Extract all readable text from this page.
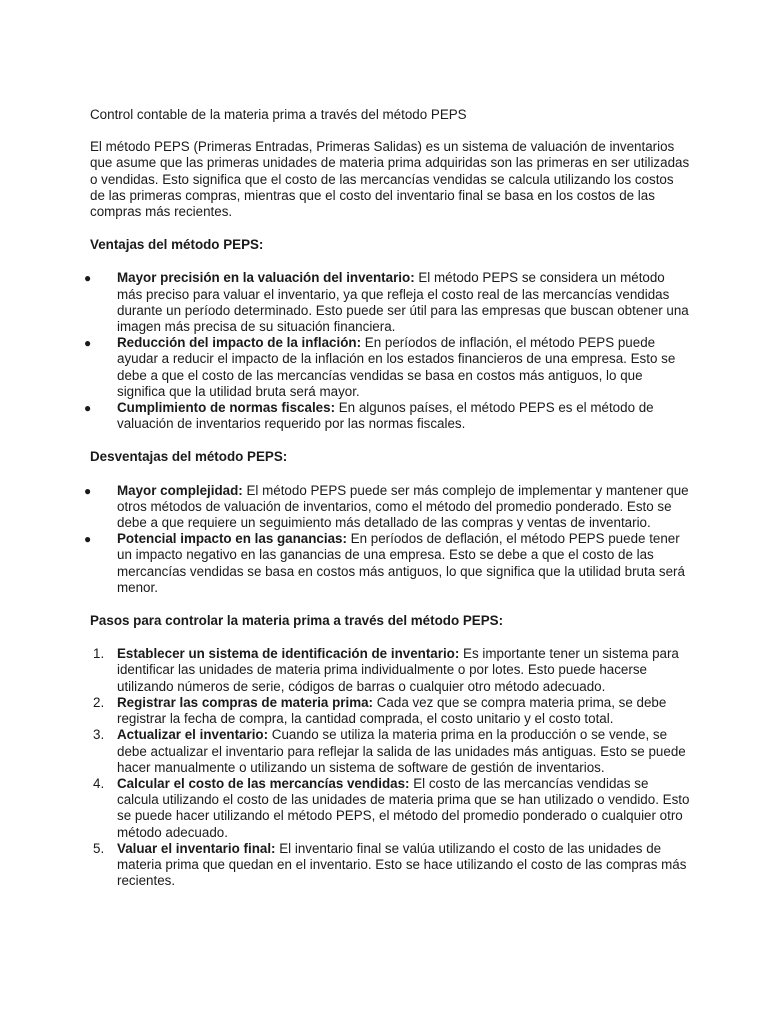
Control contable de la materia prima a través del método PEPS

El método PEPS (Primeras Entradas, Primeras Salidas) es un sistema de valuación de inventarios que asume que las primeras unidades de materia prima adquiridas son las primeras en ser utilizadas o vendidas. Esto significa que el costo de las mercancías vendidas se calcula utilizando los costos de las primeras compras, mientras que el costo del inventario final se basa en los costos de las compras más recientes.

Ventajas del método PEPS:

● Mayor precisión en la valuación del inventario: El método PEPS se considera un método más preciso para valuar el inventario, ya que refleja el costo real de las mercancías vendidas durante un período determinado. Esto puede ser útil para las empresas que buscan obtener una imagen más precisa de su situación financiera.
● Reducción del impacto de la inflación: En períodos de inflación, el método PEPS puede ayudar a reducir el impacto de la inflación en los estados financieros de una empresa. Esto se debe a que el costo de las mercancías vendidas se basa en costos más antiguos, lo que significa que la utilidad bruta será mayor.
● Cumplimiento de normas fiscales: En algunos países, el método PEPS es el método de valuación de inventarios requerido por las normas fiscales.

Desventajas del método PEPS:

● Mayor complejidad: El método PEPS puede ser más complejo de implementar y mantener que otros métodos de valuación de inventarios, como el método del promedio ponderado. Esto se debe a que requiere un seguimiento más detallado de las compras y ventas de inventario.
● Potencial impacto en las ganancias: En períodos de deflación, el método PEPS puede tener un impacto negativo en las ganancias de una empresa. Esto se debe a que el costo de las mercancías vendidas se basa en costos más antiguos, lo que significa que la utilidad bruta será menor.

Pasos para controlar la materia prima a través del método PEPS:

1. Establecer un sistema de identificación de inventario: Es importante tener un sistema para identificar las unidades de materia prima individualmente o por lotes. Esto puede hacerse utilizando números de serie, códigos de barras o cualquier otro método adecuado.
2. Registrar las compras de materia prima: Cada vez que se compra materia prima, se debe registrar la fecha de compra, la cantidad comprada, el costo unitario y el costo total.
3. Actualizar el inventario: Cuando se utiliza la materia prima en la producción o se vende, se debe actualizar el inventario para reflejar la salida de las unidades más antiguas. Esto se puede hacer manualmente o utilizando un sistema de software de gestión de inventarios.
4. Calcular el costo de las mercancías vendidas: El costo de las mercancías vendidas se calcula utilizando el costo de las unidades de materia prima que se han utilizado o vendido. Esto se puede hacer utilizando el método PEPS, el método del promedio ponderado o cualquier otro método adecuado.
5. Valuar el inventario final: El inventario final se valúa utilizando el costo de las unidades de materia prima que quedan en el inventario. Esto se hace utilizando el costo de las compras más recientes.
